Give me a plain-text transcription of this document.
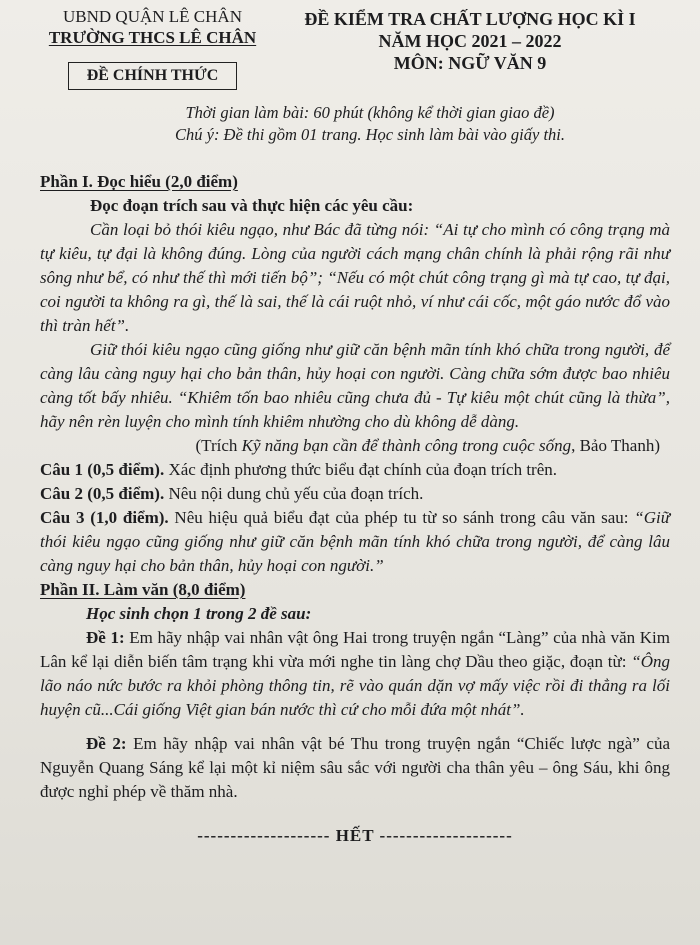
UBND QUẬN LÊ CHÂN
TRƯỜNG THCS LÊ CHÂN
ĐỀ CHÍNH THỨC
ĐỀ KIỂM TRA CHẤT LƯỢNG HỌC KÌ I
NĂM HỌC 2021 – 2022
MÔN: NGỮ VĂN 9
Thời gian làm bài: 60 phút (không kể thời gian giao đề)
Chú ý: Đề thi gồm 01 trang. Học sinh làm bài vào giấy thi.
Phần I. Đọc hiểu (2,0 điểm)
Đọc đoạn trích sau và thực hiện các yêu cầu:

Cần loại bỏ thói kiêu ngạo, như Bác đã từng nói: “Ai tự cho mình có công trạng mà tự kiêu, tự đại là không đúng. Lòng của người cách mạng chân chính là phải rộng rãi như sông như bể, có như thế thì mới tiến bộ”; “Nếu có một chút công trạng gì mà tự cao, tự đại, coi người ta không ra gì, thế là sai, thế là cái ruột nhỏ, ví như cái cốc, một gáo nước đổ vào thì tràn hết”.

Giữ thói kiêu ngạo cũng giống như giữ căn bệnh mãn tính khó chữa trong người, để càng lâu càng nguy hại cho bản thân, hủy hoại con người. Càng chữa sớm được bao nhiêu càng tốt bấy nhiêu. “Khiêm tốn bao nhiêu cũng chưa đủ - Tự kiêu một chút cũng là thừa”, hãy nên rèn luyện cho mình tính khiêm nhường cho dù không dễ dàng.

(Trích Kỹ năng bạn cần để thành công trong cuộc sống, Bảo Thanh)
Câu 1 (0,5 điểm). Xác định phương thức biểu đạt chính của đoạn trích trên.
Câu 2 (0,5 điểm). Nêu nội dung chủ yếu của đoạn trích.
Câu 3 (1,0 điểm). Nêu hiệu quả biểu đạt của phép tu từ so sánh trong câu văn sau: “Giữ thói kiêu ngạo cũng giống như giữ căn bệnh mãn tính khó chữa trong người, để càng lâu càng nguy hại cho bản thân, hủy hoại con người.”
Phần II. Làm văn (8,0 điểm)
Học sinh chọn 1 trong 2 đề sau:
Đề 1: Em hãy nhập vai nhân vật ông Hai trong truyện ngắn “Làng” của nhà văn Kim Lân kể lại diễn biến tâm trạng khi vừa mới nghe tin làng chợ Dầu theo giặc, đoạn từ: “Ông lão náo nức bước ra khỏi phòng thông tin, rẽ vào quán dặn vợ mấy việc rồi đi thẳng ra lối huyện cũ...Cái giống Việt gian bán nước thì cứ cho mỗi đứa một nhát”.
Đề 2: Em hãy nhập vai nhân vật bé Thu trong truyện ngắn “Chiếc lược ngà” của Nguyễn Quang Sáng kể lại một kỉ niệm sâu sắc với người cha thân yêu – ông Sáu, khi ông được nghỉ phép về thăm nhà.
-------------------- HẾT --------------------
